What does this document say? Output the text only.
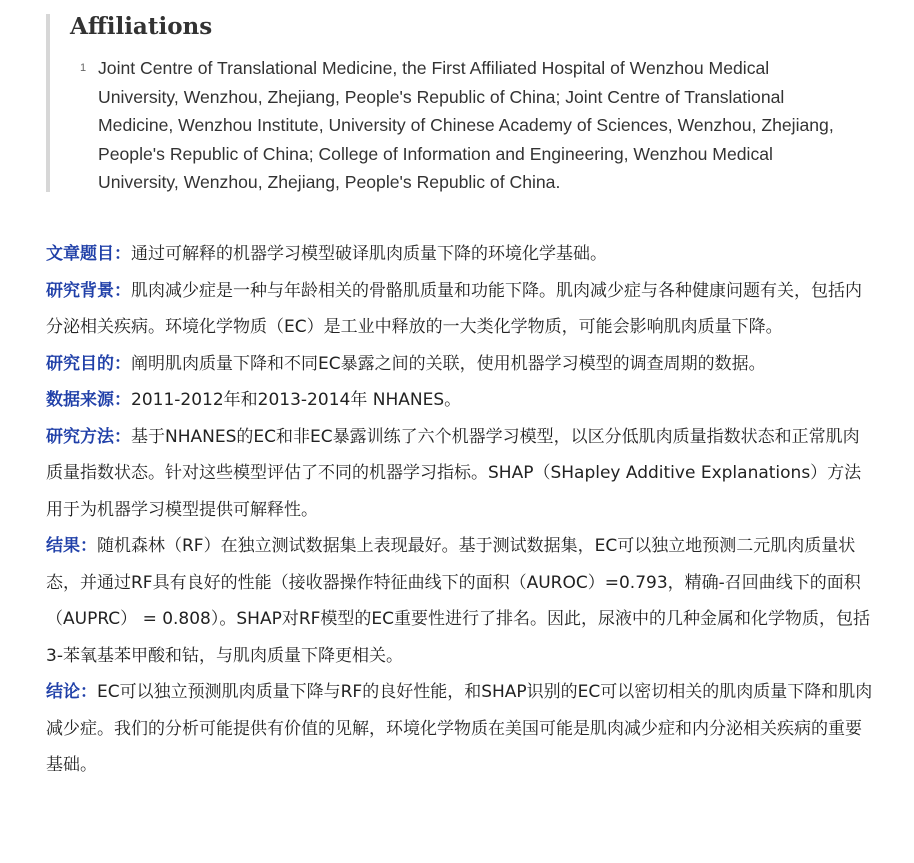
Affiliations
1 Joint Centre of Translational Medicine, the First Affiliated Hospital of Wenzhou Medical
University, Wenzhou, Zhejiang, People's Republic of China; Joint Centre of Translational
Medicine, Wenzhou Institute, University of Chinese Academy of Sciences, Wenzhou, Zhejiang,
People's Republic of China; College of Information and Engineering, Wenzhou Medical
University, Wenzhou, Zhejiang, People's Republic of China.

文章题目：通过可解释的机器学习模型破译肌肉质量下降的环境化学基础。

研究背景：肌肉减少症是一种与年龄相关的骨骼肌质量和功能下降。肌肉减少症与各种健康问题有关，包括内分泌相关疾病。环境化学物质（EC）是工业中释放的一大类化学物质，可能会影响肌肉质量下降。

研究目的：阐明肌肉质量下降和不同EC暴露之间的关联，使用机器学习模型的调查周期的数据。

数据来源：2011-2012年和2013-2014年 NHANES。

研究方法：基于NHANES的EC和非EC暴露训练了六个机器学习模型，以区分低肌肉质量指数状态和正常肌肉质量指数状态。针对这些模型评估了不同的机器学习指标。SHAP（SHapley Additive Explanations）方法用于为机器学习模型提供可解释性。

结果：随机森林（RF）在独立测试数据集上表现最好。基于测试数据集，EC可以独立地预测二元肌肉质量状态，并通过RF具有良好的性能（接收器操作特征曲线下的面积（AUROC）=0.793，精确-召回曲线下的面积（AUPRC） = 0.808）。SHAP对RF模型的EC重要性进行了排名。因此，尿液中的几种金属和化学物质，包括3-苯氧基苯甲酸和钴，与肌肉质量下降更相关。

结论：EC可以独立预测肌肉质量下降与RF的良好性能，和SHAP识别的EC可以密切相关的肌肉质量下降和肌肉减少症。我们的分析可能提供有价值的见解，环境化学物质在美国可能是肌肉减少症和内分泌相关疾病的重要基础。
